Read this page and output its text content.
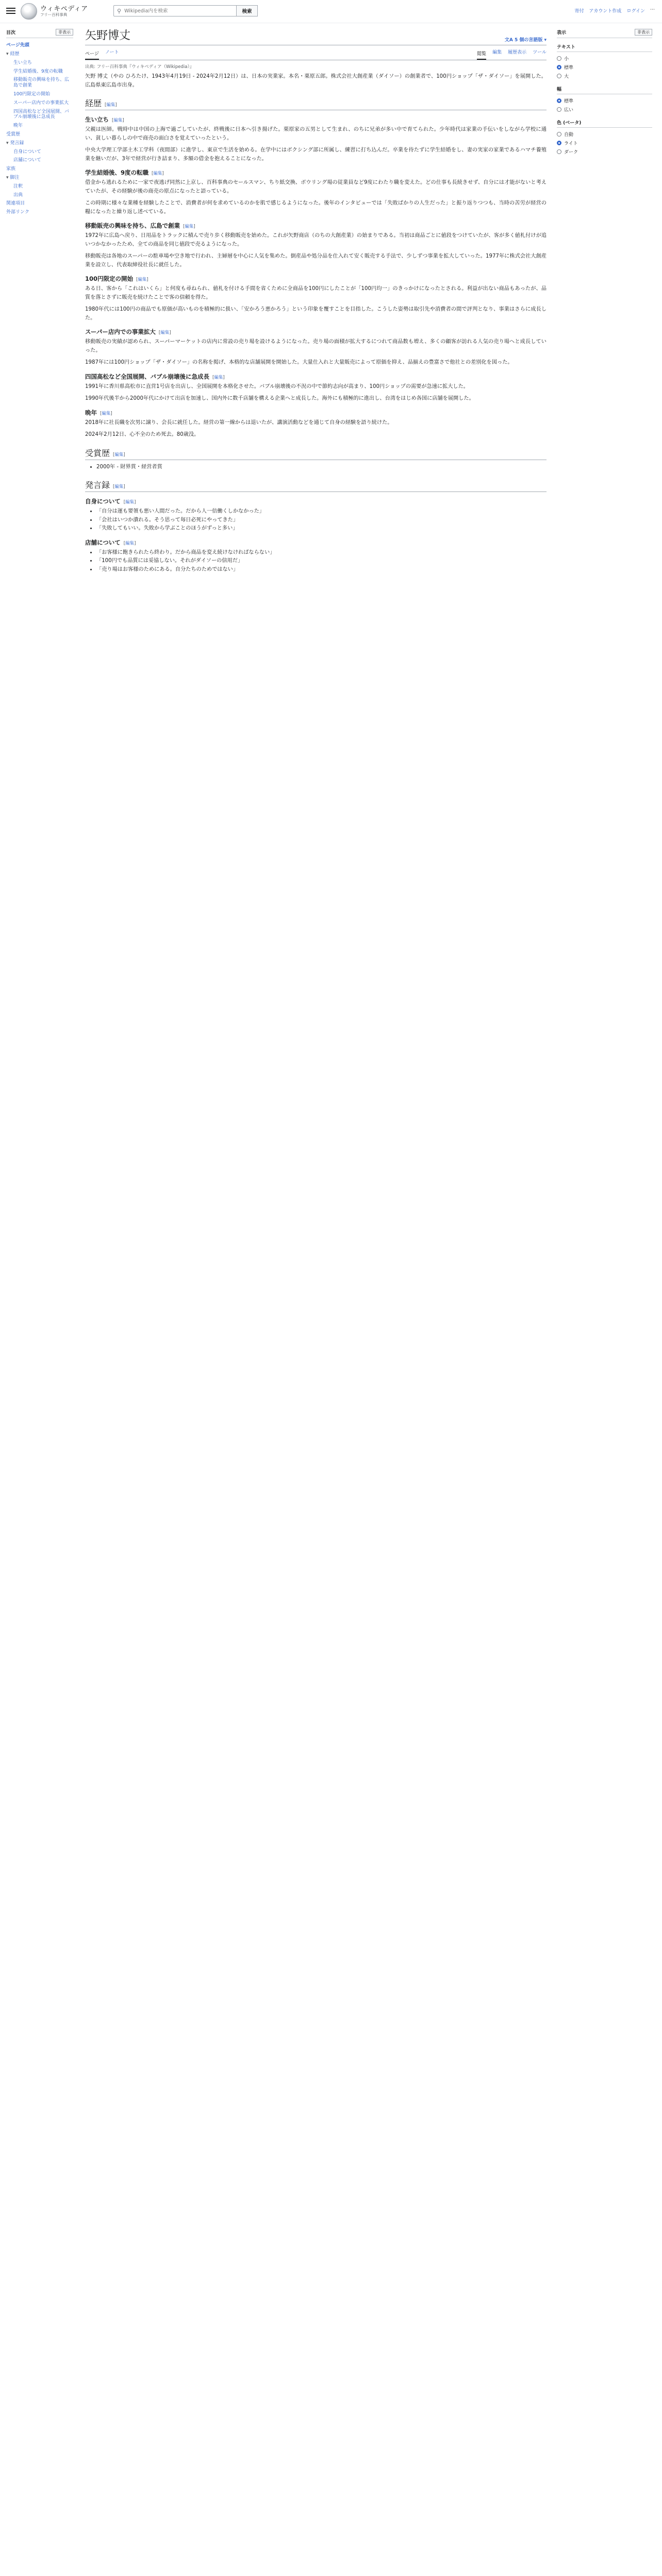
ウィキペディア
フリー百科事典
⚲
Wikipedia内を検索	検索	寄付 アカウント作成 ログイン ⋯
目次	非表示
ページ先頭
▾ 経歴
生い立ち
学生結婚後、9度の転職
移動販売の興味を持ち、広島で創業
100円限定の開始
スーパー店内での事業拡大
四国高松など全国展開、バブル崩壊後に急成長
晩年
受賞歴
▾ 発言録
自身について
店舗について
家族
▾ 脚注
注釈
出典
関連項目
外部リンク
矢野博丈	文A 5 個の言語版 ▾
ページ ノート	閲覧 編集 履歴表示 ツール
出典: フリー百科事典『ウィキペディア（Wikipedia）』

矢野 博丈（やの ひろたけ、1943年4月19日 - 2024年2月12日）は、日本の実業家。本名・栗原五郎。株式会社大創産業（ダイソー）の創業者で、100円ショップ「ザ・ダイソー」を展開した。広島県東広島市出身。

経歴 [編集]
生い立ち [編集]

父親は医師。戦時中は中国の上海で過ごしていたが、終戦後に日本へ引き揚げた。栗原家の五男として生まれ、のちに兄弟が多い中で育てられた。少年時代は家業の手伝いをしながら学校に通い、貧しい暮らしの中で商売の面白さを覚えていったという。

中央大学理工学部土木工学科（夜間部）に進学し、東京で生活を始める。在学中にはボクシング部に所属し、練習に打ち込んだ。卒業を待たずに学生結婚をし、妻の実家の家業であるハマチ養殖業を継いだが、3年で経営が行き詰まり、多額の借金を抱えることになった。

学生結婚後、9度の転職 [編集]

借金から逃れるために一家で夜逃げ同然に上京し、百科事典のセールスマン、ちり紙交換、ボウリング場の従業員など9度にわたり職を変えた。どの仕事も長続きせず、自分には才能がないと考えていたが、その経験が後の商売の原点になったと語っている。

この時期に様々な業種を経験したことで、消費者が何を求めているのかを肌で感じるようになった。後年のインタビューでは「失敗ばかりの人生だった」と振り返りつつも、当時の苦労が経営の糧になったと繰り返し述べている。

移動販売の興味を持ち、広島で創業 [編集]

1972年に広島へ戻り、日用品をトラックに積んで売り歩く移動販売を始めた。これが矢野商店（のちの大創産業）の始まりである。当初は商品ごとに値段をつけていたが、客が多く値札付けが追いつかなかったため、全ての商品を同じ値段で売るようになった。

移動販売は各地のスーパーの駐車場や空き地で行われ、主婦層を中心に人気を集めた。倒産品や処分品を仕入れて安く販売する手法で、少しずつ事業を拡大していった。1977年に株式会社大創産業を設立し、代表取締役社長に就任した。

100円限定の開始 [編集]

ある日、客から「これはいくら」と何度も尋ねられ、値札を付ける手間を省くために全商品を100円にしたことが「100円均一」のきっかけになったとされる。利益が出ない商品もあったが、品質を落とさずに販売を続けたことで客の信頼を得た。

1980年代には100円の商品でも原価が高いものを積極的に扱い、「安かろう悪かろう」という印象を覆すことを目指した。こうした姿勢は取引先や消費者の間で評判となり、事業はさらに成長した。

スーパー店内での事業拡大 [編集]

移動販売の実績が認められ、スーパーマーケットの店内に常設の売り場を設けるようになった。売り場の面積が拡大するにつれて商品数も増え、多くの顧客が訪れる人気の売り場へと成長していった。

1987年には100円ショップ「ザ・ダイソー」の名称を掲げ、本格的な店舗展開を開始した。大量仕入れと大量販売によって原価を抑え、品揃えの豊富さで他社との差別化を図った。

四国高松など全国展開、バブル崩壊後に急成長 [編集]

1991年に香川県高松市に直営1号店を出店し、全国展開を本格化させた。バブル崩壊後の不況の中で節約志向が高まり、100円ショップの需要が急速に拡大した。

1990年代後半から2000年代にかけて出店を加速し、国内外に数千店舗を構える企業へと成長した。海外にも積極的に進出し、台湾をはじめ各国に店舗を展開した。

晩年 [編集]

2018年に社長職を次男に譲り、会長に就任した。経営の第一線からは退いたが、講演活動などを通じて自身の経験を語り続けた。

2024年2月12日、心不全のため死去。80歳没。

受賞歴 [編集]
• 2000年 - 財界賞・経営者賞
発言録 [編集]
自身について [編集]
• 「自分は運も要領も悪い人間だった。だから人一倍働くしかなかった」
• 「会社はいつか潰れる。そう思って毎日必死にやってきた」
• 「失敗してもいい。失敗から学ぶことのほうがずっと多い」
店舗について [編集]
• 「お客様に飽きられたら終わり。だから商品を変え続けなければならない」
• 「100円でも品質には妥協しない。それがダイソーの信用だ」
• 「売り場はお客様のためにある。自分たちのためではない」
表示	非表示
テキスト
小
標準
大
幅
標準
広い
色 (ベータ)
自動
ライト
ダーク
